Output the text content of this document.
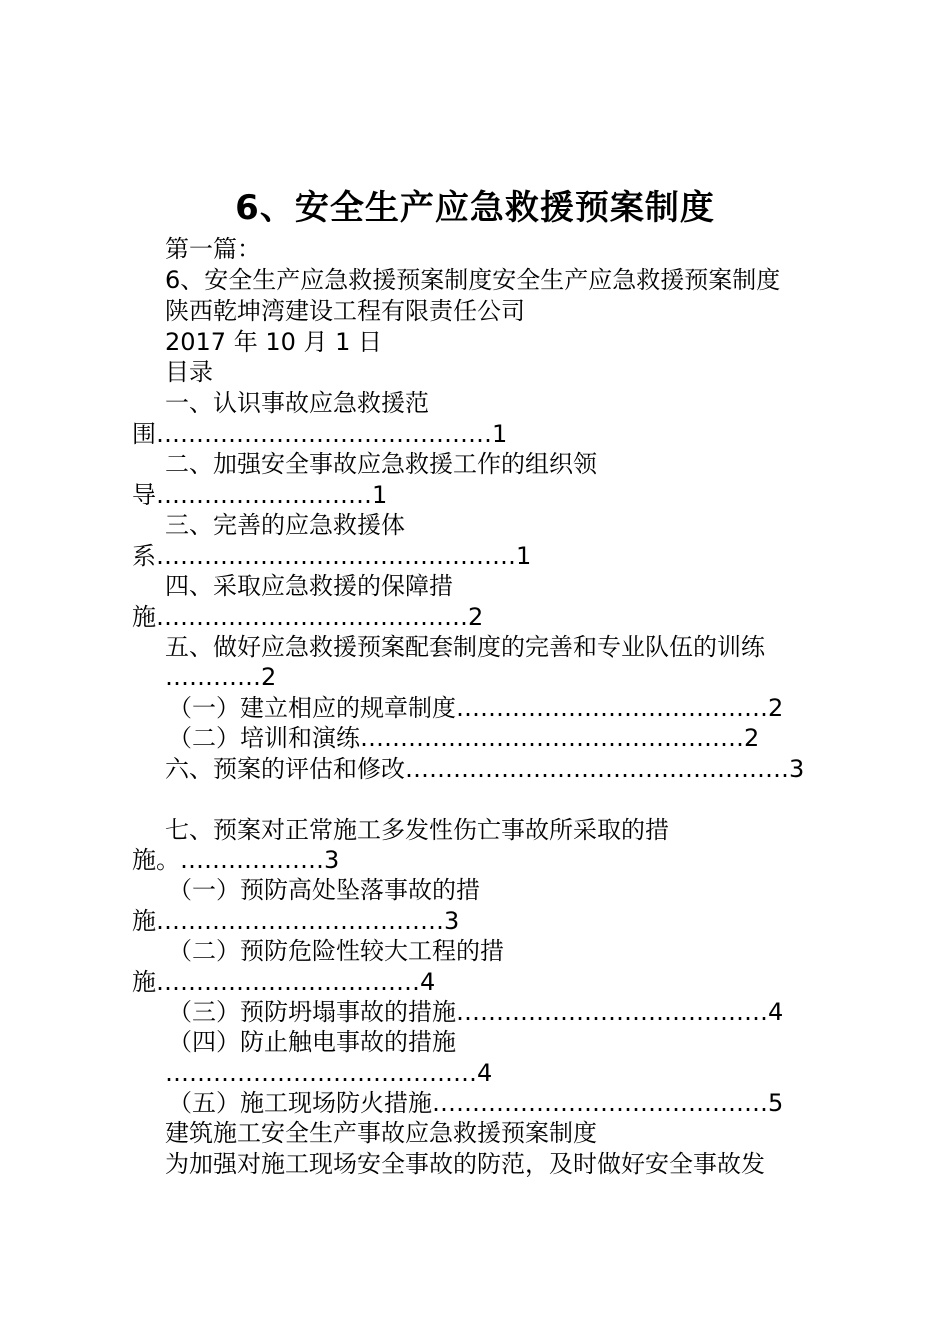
6、安全生产应急救援预案制度
第一篇：
6、安全生产应急救援预案制度安全生产应急救援预案制度
陕西乾坤湾建设工程有限责任公司
2017 年 10 月 1 日
目录
一、认识事故应急救援范
围……………………………………1
二、加强安全事故应急救援工作的组织领
导………………………1
三、完善的应急救援体
系………………………………………1
四、采取应急救援的保障措
施…………………………………2
五、做好应急救援预案配套制度的完善和专业队伍的训练
…………2
（一）建立相应的规章制度…………………………………2
（二）培训和演练…………………………………………2
六、预案的评估和修改…………………………………………3
七、预案对正常施工多发性伤亡事故所采取的措
施。………………3
（一）预防高处坠落事故的措
施………………………………3
（二）预防危险性较大工程的措
施……………………………4
（三）预防坍塌事故的措施…………………………………4
（四）防止触电事故的措施
…………………………………4
（五）施工现场防火措施……………………………………5
建筑施工安全生产事故应急救援预案制度
为加强对施工现场安全事故的防范，及时做好安全事故发
